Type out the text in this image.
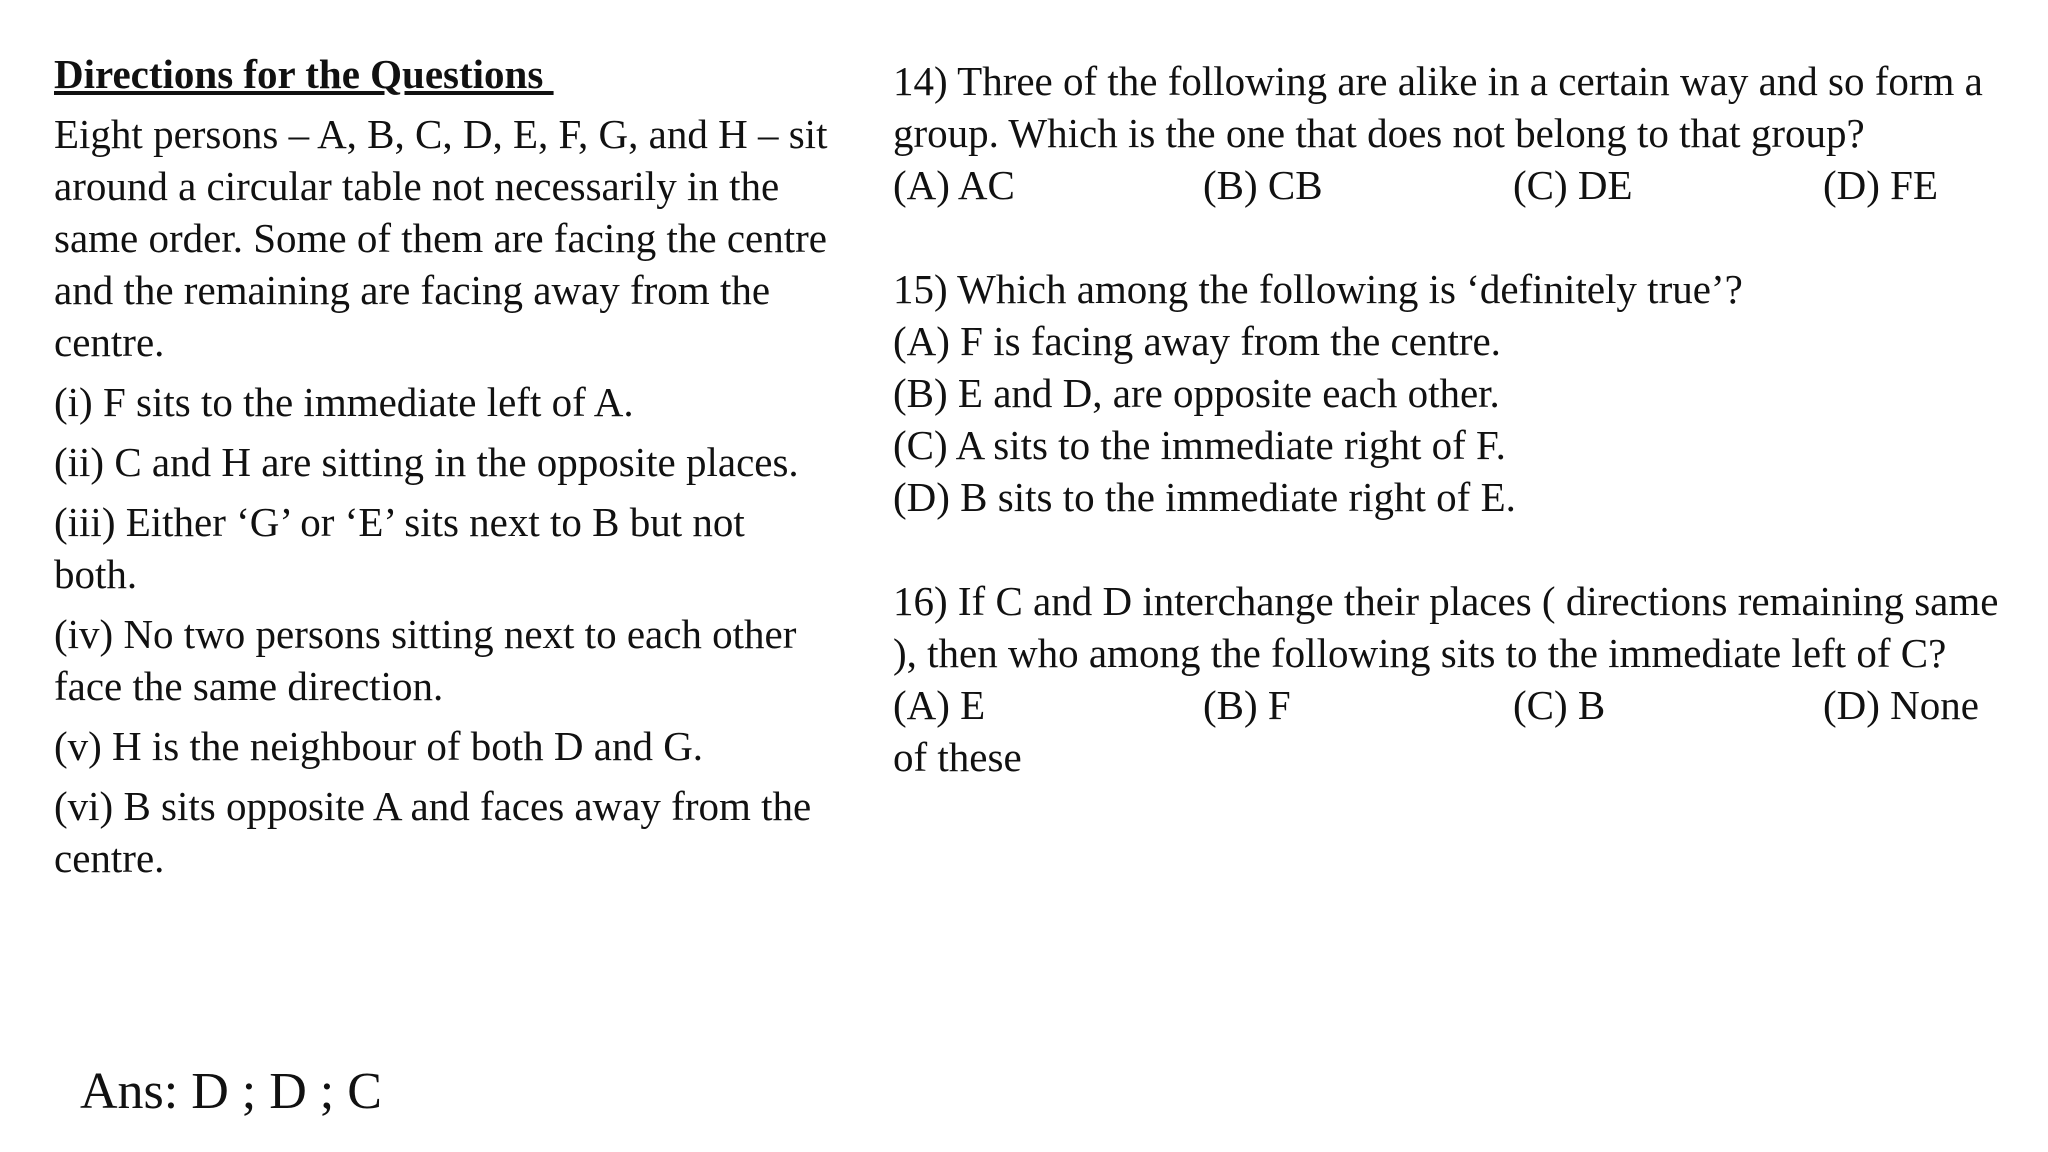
Directions for the Questions
Eight persons – A, B, C, D, E, F, G, and H – sit around a circular table not necessarily in the same order. Some of them are facing the centre and the remaining are facing away from the centre.
(i) F sits to the immediate left of A.
(ii) C and H are sitting in the opposite places.
(iii) Either ‘G’ or ‘E’ sits next to B but not both.
(iv) No two persons sitting next to each other face the same direction.
(v) H is the neighbour of both D and G.
(vi) B sits opposite A and faces away from the centre.
14) Three of the following are alike in a certain way and so form a group. Which is the one that does not belong to that group?
(A) AC	(B) CB	(C) DE	(D) FE
15) Which among the following is ‘definitely true’?
(A) F is facing away from the centre.
(B) E and D, are opposite each other.
(C) A sits to the immediate right of F.
(D) B sits to the immediate right of E.
16) If C and D interchange their places ( directions remaining same ), then who among the following sits to the immediate left of C?
(A) E	(B) F	(C) B	(D) None
of these
Ans: D ; D ; C
